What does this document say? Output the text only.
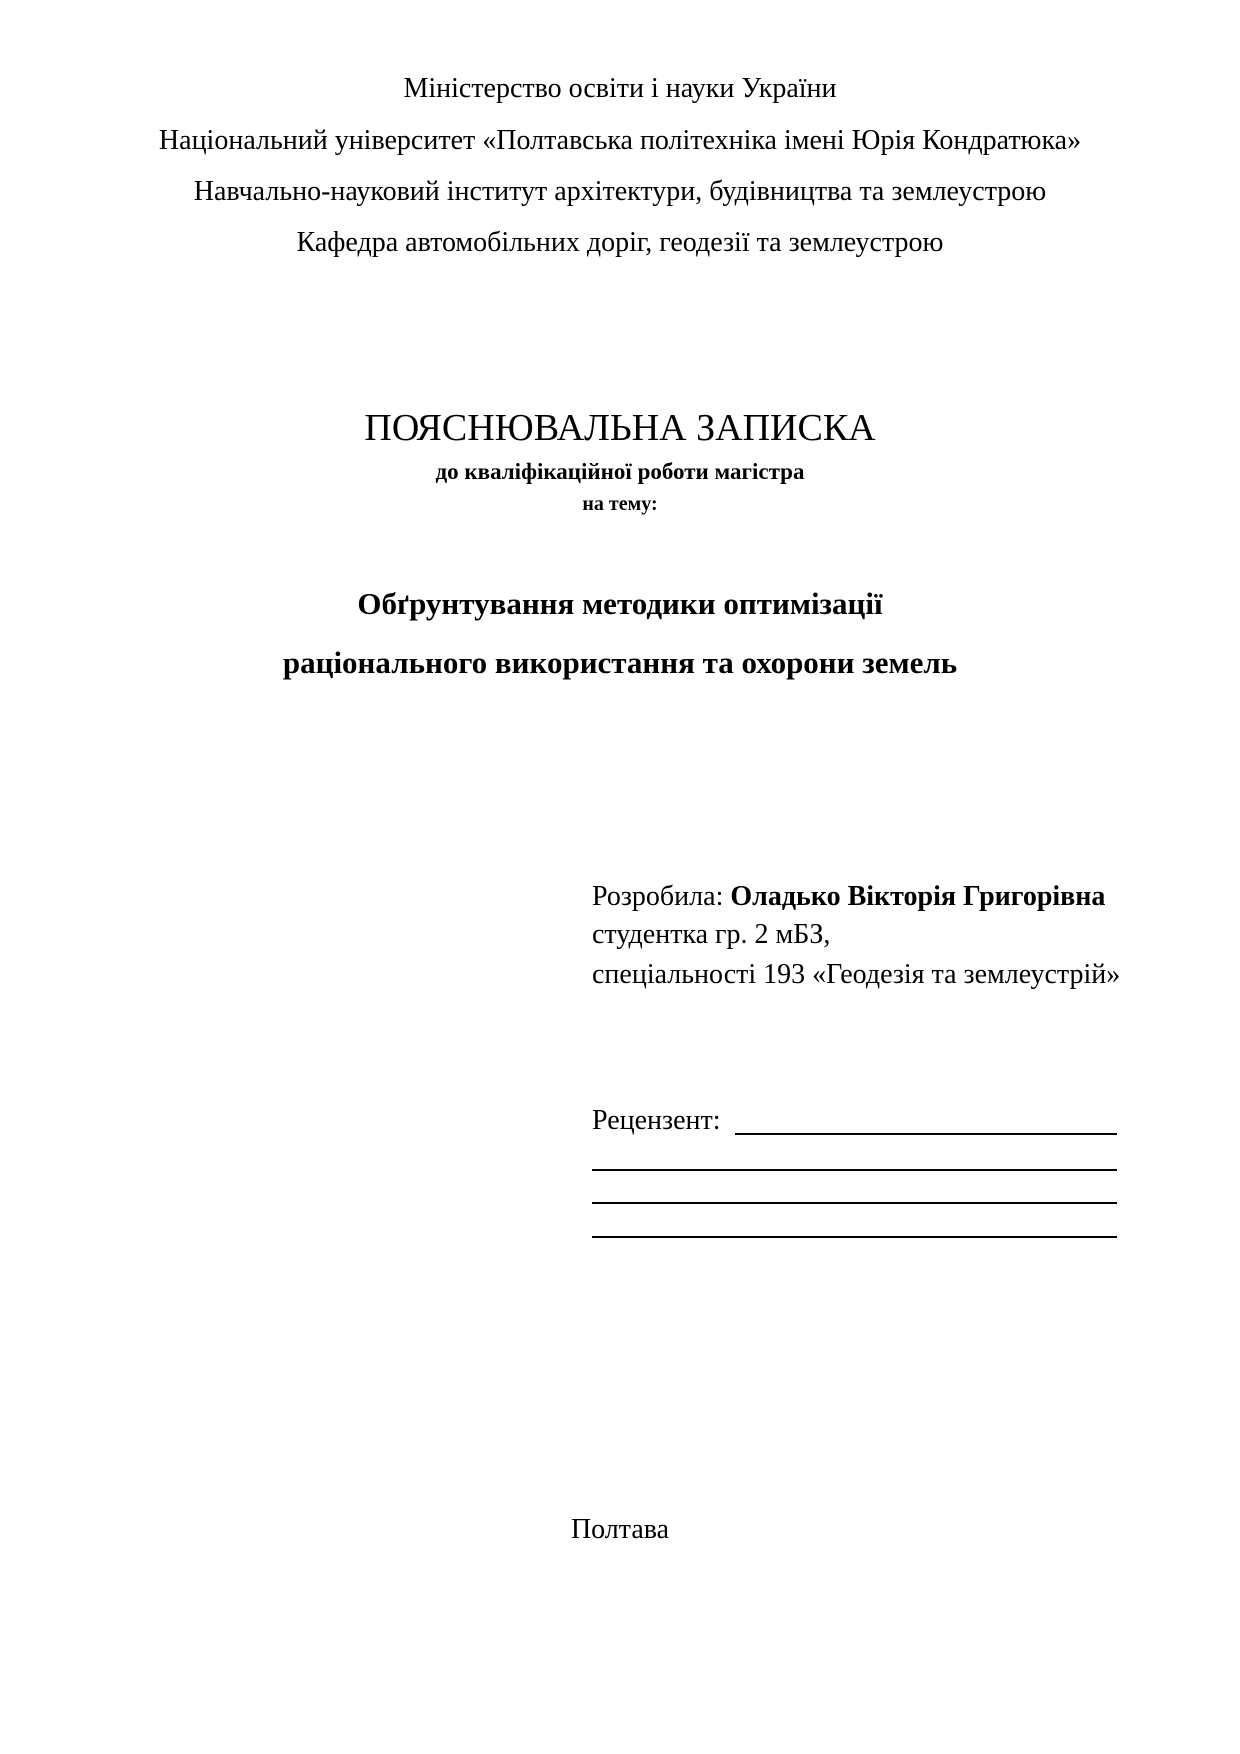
Міністерство освіти і науки України
Національний університет «Полтавська політехніка імені Юрія Кондратюка»
Навчально-науковий інститут архітектури, будівництва та землеустрою
Кафедра автомобільних доріг, геодезії та землеустрою
ПОЯСНЮВАЛЬНА ЗАПИСКА
до кваліфікаційної роботи магістра
на тему:
Обґрунтування методики оптимізації
раціонального використання та охорони земель
Розробила: Оладько Вікторія Григорівна
студентка гр. 2 мБЗ,
спеціальності 193 «Геодезія та землеустрій»
Рецензент:
Полтава
